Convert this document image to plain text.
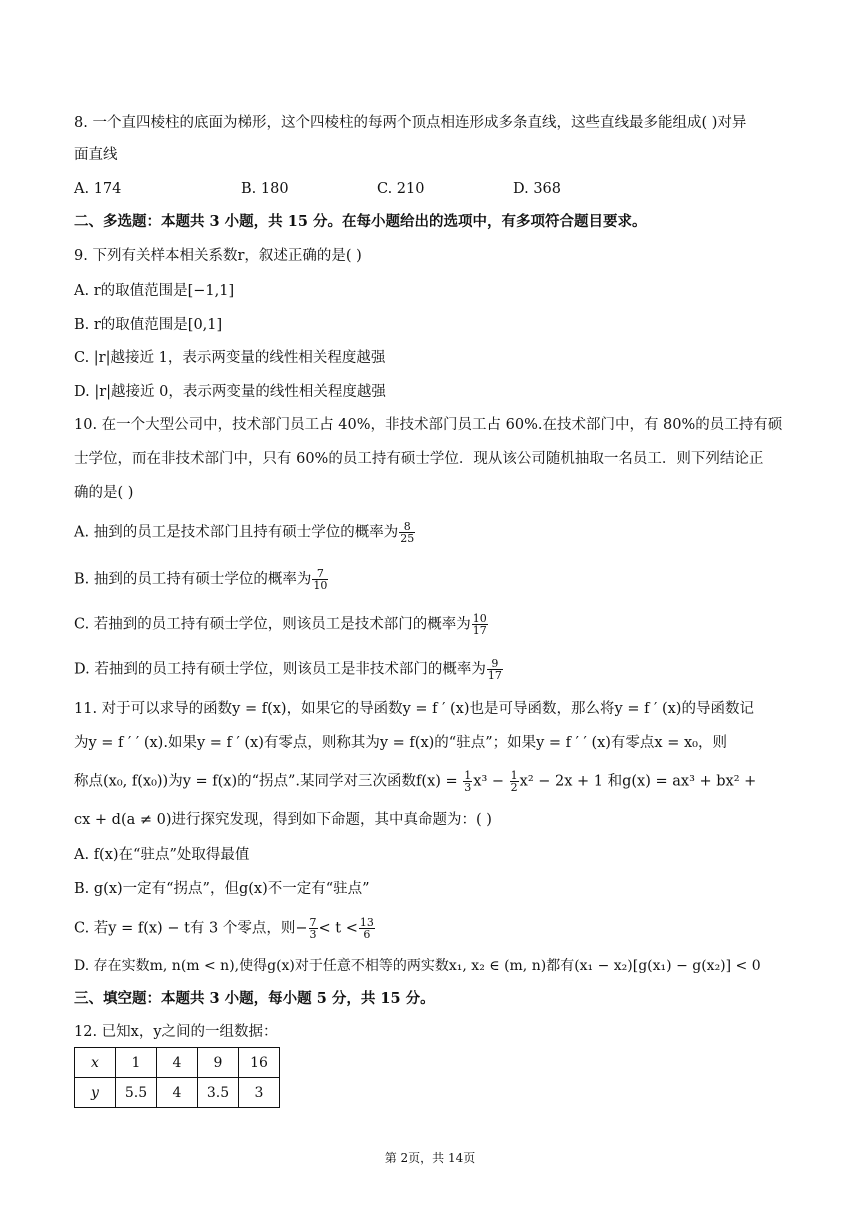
8. 一个直四棱柱的底面为梯形，这个四棱柱的每两个顶点相连形成多条直线，这些直线最多能组成( )对异
面直线
A. 174	B. 180	C. 210	D. 368
二、多选题：本题共 3 小题，共 15 分。在每小题给出的选项中，有多项符合题目要求。
9. 下列有关样本相关系数r，叙述正确的是( )
A. r的取值范围是[−1,1]
B. r的取值范围是[0,1]
C. |r|越接近 1，表示两变量的线性相关程度越强
D. |r|越接近 0，表示两变量的线性相关程度越强
10. 在一个大型公司中，技术部门员工占 40%，非技术部门员工占 60%.在技术部门中，有 80%的员工持有硕
士学位，而在非技术部门中，只有 60%的员工持有硕士学位．现从该公司随机抽取一名员工．则下列结论正
确的是( )
A. 抽到的员工是技术部门且持有硕士学位的概率为 $\frac{8}{25}$
B. 抽到的员工持有硕士学位的概率为 $\frac{7}{10}$
C. 若抽到的员工持有硕士学位，则该员工是技术部门的概率为 $\frac{10}{17}$
D. 若抽到的员工持有硕士学位，则该员工是非技术部门的概率为 $\frac{9}{17}$
11. 对于可以求导的函数y = f(x)，如果它的导函数y = f ′ (x)也是可导函数，那么将y = f ′ (x)的导函数记
为y = f ′ ′ (x).如果y = f ′ (x)有零点，则称其为y = f(x)的“驻点”；如果y = f ′ ′ (x)有零点x = x₀，则
称点(x₀, f(x₀))为y = f(x)的“拐点”.某同学对三次函数$f(x) = \frac{1}{3} x^3 - \frac{1}{2} x^2 - 2x + 1$ 和g(x) = ax³ + bx² +
cx + d(a ≠ 0)进行探究发现，得到如下命题，其中真命题为：( )
A. f(x)在“驻点”处取得最值
B. g(x)一定有“拐点”，但g(x)不一定有“驻点”
C. 若y = f(x) − t有 3 个零点，则− $\frac{7}{3} < t < \frac{13}{6}$
D. 存在实数m, n(m < n),使得g(x)对于任意不相等的两实数x₁, x₂ ∈ (m, n)都有(x₁ − x₂)[g(x₁) − g(x₂)] < 0
三、填空题：本题共 3 小题，每小题 5 分，共 15 分。
12. 已知x，y之间的一组数据：
x	1	4	9	16
y	5.5	4	3.5	3
第 2页，共 14页
